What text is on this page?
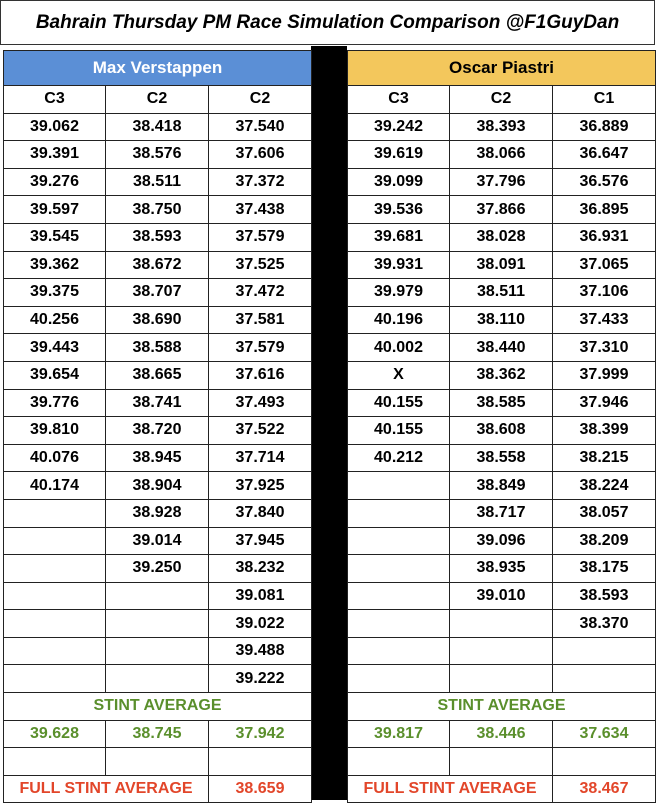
Bahrain Thursday PM Race Simulation Comparison @F1GuyDan
Max Verstappen		
C3	C2	C2
39.062	38.418	37.540
39.391	38.576	37.606
39.276	38.511	37.372
39.597	38.750	37.438
39.545	38.593	37.579
39.362	38.672	37.525
39.375	38.707	37.472
40.256	38.690	37.581
39.443	38.588	37.579
39.654	38.665	37.616
39.776	38.741	37.493
39.810	38.720	37.522
40.076	38.945	37.714
40.174	38.904	37.925
	38.928	37.840
	39.014	37.945
	39.250	38.232
		39.081
		39.022
		39.488
		39.222
STINT AVERAGE		
39.628	38.745	37.942

FULL STINT AVERAGE		38.659
Oscar Piastri		
C3	C2	C1
39.242	38.393	36.889
39.619	38.066	36.647
39.099	37.796	36.576
39.536	37.866	36.895
39.681	38.028	36.931
39.931	38.091	37.065
39.979	38.511	37.106
40.196	38.110	37.433
40.002	38.440	37.310
X	38.362	37.999
40.155	38.585	37.946
40.155	38.608	38.399
40.212	38.558	38.215
	38.849	38.224
	38.717	38.057
	39.096	38.209
	38.935	38.175
	39.010	38.593
		38.370

STINT AVERAGE		
39.817	38.446	37.634

FULL STINT AVERAGE		38.467
